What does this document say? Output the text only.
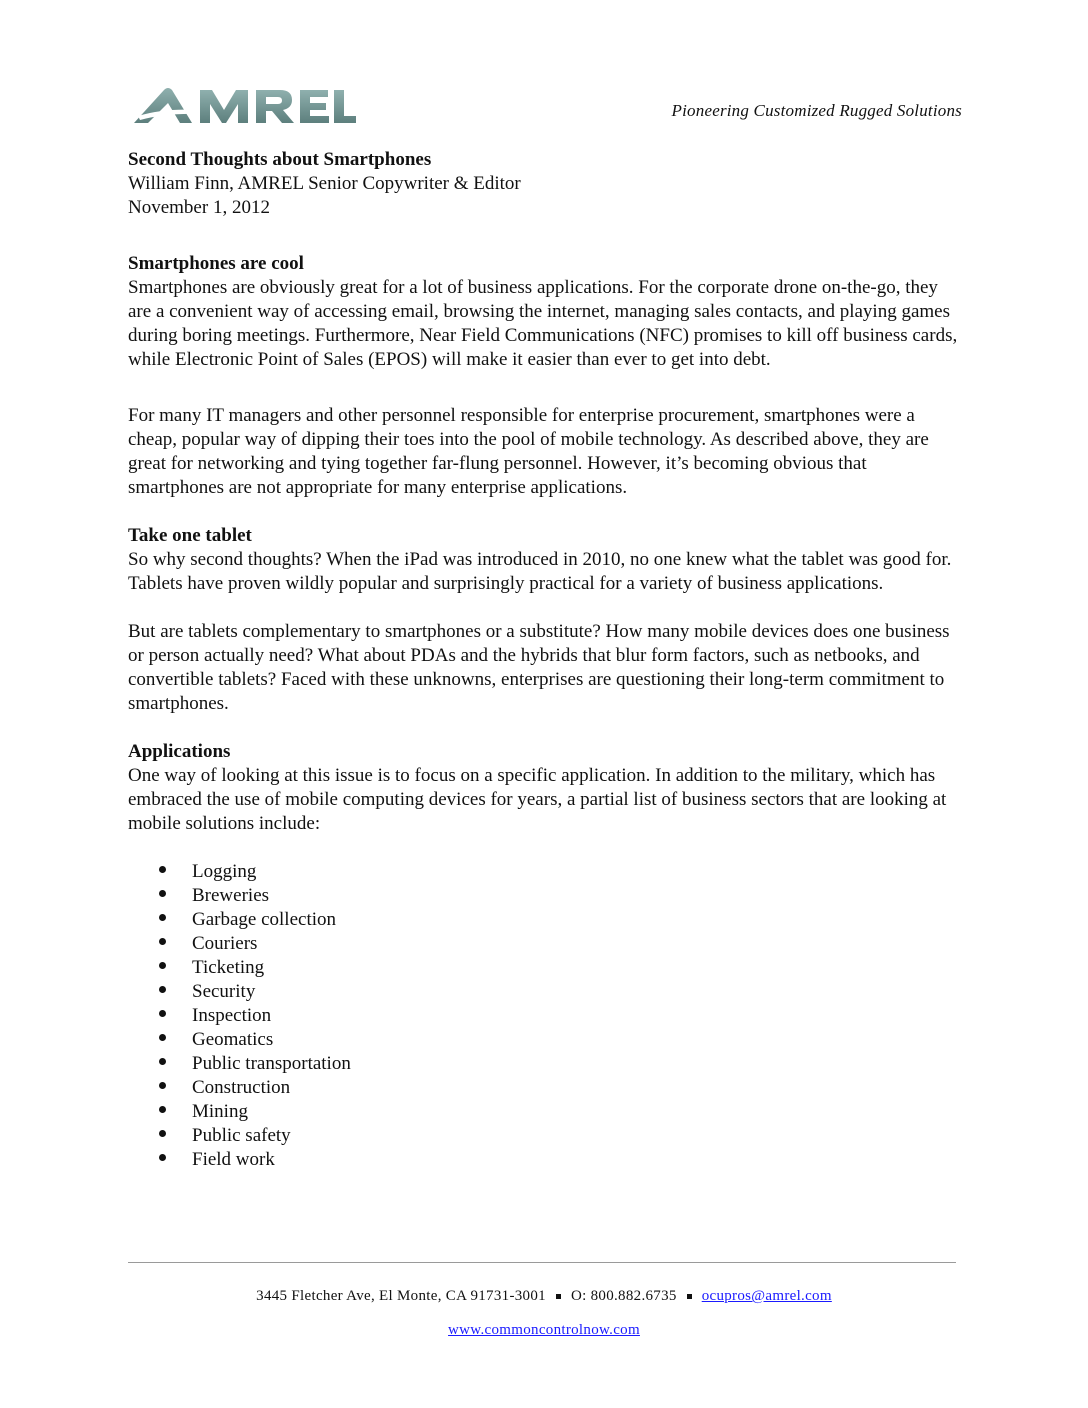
Pioneering Customized Rugged Solutions

Second Thoughts about Smartphones

William Finn, AMREL Senior Copywriter & Editor

November 1, 2012

Smartphones are cool

Smartphones are obviously great for a lot of business applications. For the corporate drone on-the-go, they are a convenient way of accessing email, browsing the internet, managing sales contacts, and playing games during boring meetings. Furthermore, Near Field Communications (NFC) promises to kill off business cards, while Electronic Point of Sales (EPOS) will make it easier than ever to get into debt.

For many IT managers and other personnel responsible for enterprise procurement, smartphones were a cheap, popular way of dipping their toes into the pool of mobile technology. As described above, they are great for networking and tying together far-flung personnel. However, it’s becoming obvious that smartphones are not appropriate for many enterprise applications.

Take one tablet

So why second thoughts? When the iPad was introduced in 2010, no one knew what the tablet was good for. Tablets have proven wildly popular and surprisingly practical for a variety of business applications.

But are tablets complementary to smartphones or a substitute? How many mobile devices does one business or person actually need? What about PDAs and the hybrids that blur form factors, such as netbooks, and convertible tablets? Faced with these unknowns, enterprises are questioning their long-term commitment to smartphones.

Applications

One way of looking at this issue is to focus on a specific application. In addition to the military, which has embraced the use of mobile computing devices for years, a partial list of business sectors that are looking at mobile solutions include:

Logging
Breweries
Garbage collection
Couriers
Ticketing
Security
Inspection
Geomatics
Public transportation
Construction
Mining
Public safety
Field work
3445 Fletcher Ave, El Monte, CA 91731-3001 O: 800.882.6735 ocupros@amrel.com
www.commoncontrolnow.com
